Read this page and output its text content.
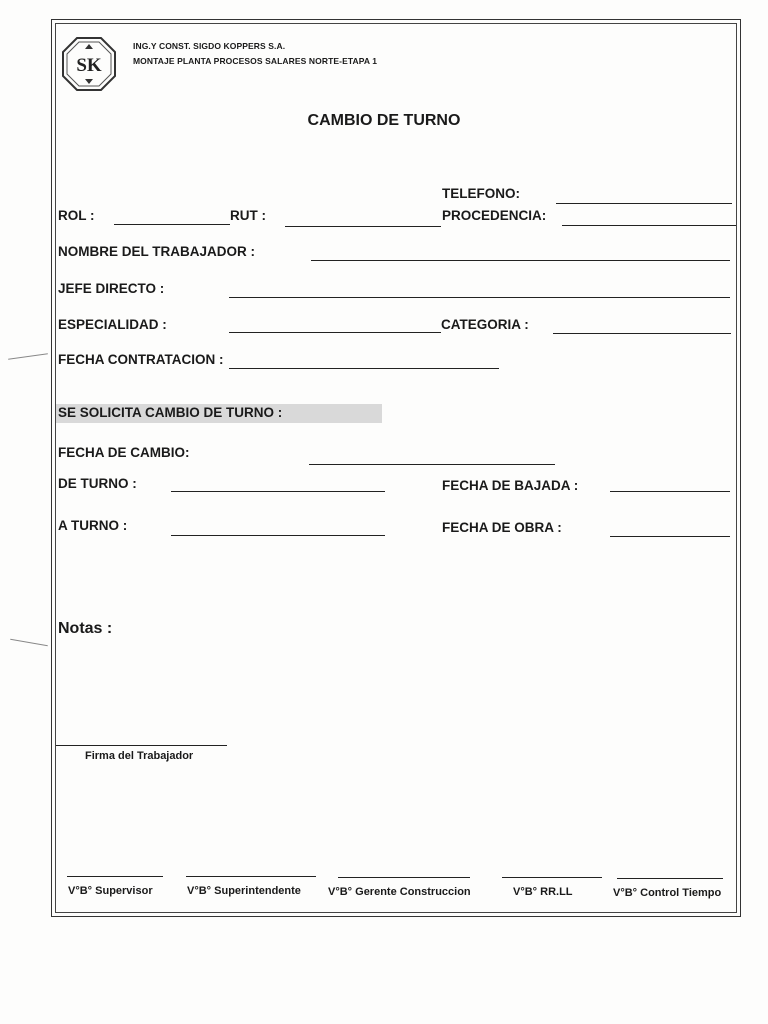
SK
ING.Y CONST. SIGDO KOPPERS S.A.
MONTAJE PLANTA PROCESOS SALARES NORTE-ETAPA 1
CAMBIO DE TURNO
TELEFONO:
ROL :	RUT :	PROCEDENCIA:
NOMBRE DEL TRABAJADOR :
JEFE DIRECTO :
ESPECIALIDAD :	CATEGORIA :
FECHA CONTRATACION :
SE SOLICITA CAMBIO DE TURNO :
FECHA DE CAMBIO:
DE TURNO :	FECHA DE BAJADA :
A TURNO :	FECHA DE OBRA :
Notas :
Firma del Trabajador
V°B° Supervisor	V°B° Superintendente V°B° Gerente Construccion	V°B° RR.LL	V°B° Control Tiempo
